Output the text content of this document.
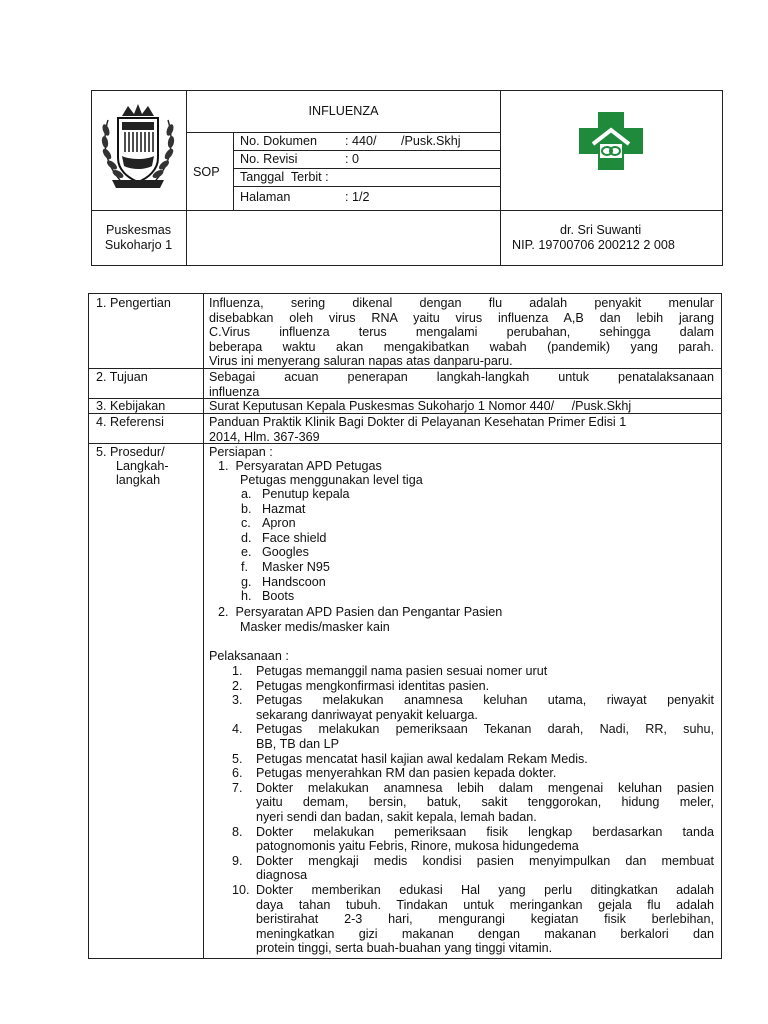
INFLUENZA
SOP
No. Dokumen : 440/       /Pusk.Skhj
No. Revisi	: 0
Tanggal  Terbit :
Halaman	: 1/2
Puskesmas
Sukoharjo 1
dr. Sri Suwanti
NIP. 19700706 200212 2 008
1. Pengertian	Influenza, sering dikenal dengan flu adalah penyakit menular
disebabkan oleh virus RNA yaitu virus influenza A,B dan lebih jarang
C.Virus influenza terus mengalami perubahan, sehingga dalam
beberapa waktu akan mengakibatkan wabah (pandemik) yang parah.
Virus ini menyerang saluran napas atas danparu-paru.
2. Tujuan	Sebagai acuan penerapan langkah-langkah untuk penatalaksanaan
influenza
3. Kebijakan	Surat Keputusan Kepala Puskesmas Sukoharjo 1 Nomor 440/     /Pusk.Skhj
4. Referensi	Panduan Praktik Klinik Bagi Dokter di Pelayanan Kesehatan Primer Edisi 1
2014, Hlm. 367-369
5. Prosedur/
Langkah-
langkah
Persiapan :
1.  Persyaratan APD Petugas
Petugas menggunakan level tiga
a. Penutup kepala
b. Hazmat
c. Apron
d. Face shield
e. Googles
f. Masker N95
g. Handscoon
h. Boots
2.  Persyaratan APD Pasien dan Pengantar Pasien
Masker medis/masker kain
Pelaksanaan :
1. Petugas memanggil nama pasien sesuai nomer urut
2. Petugas mengkonfirmasi identitas pasien.
3. Petugas melakukan anamnesa keluhan utama, riwayat penyakit
sekarang danriwayat penyakit keluarga.
4. Petugas melakukan pemeriksaan Tekanan darah, Nadi, RR, suhu,
BB, TB dan LP
5. Petugas mencatat hasil kajian awal kedalam Rekam Medis.
6. Petugas menyerahkan RM dan pasien kepada dokter.
7. Dokter melakukan anamnesa lebih dalam mengenai keluhan pasien
yaitu demam, bersin, batuk, sakit tenggorokan, hidung meler,
nyeri sendi dan badan, sakit kepala, lemah badan.
8. Dokter melakukan pemeriksaan fisik lengkap berdasarkan tanda
patognomonis yaitu Febris, Rinore, mukosa hidungedema
9. Dokter mengkaji medis kondisi pasien menyimpulkan dan membuat
diagnosa
10. Dokter memberikan edukasi Hal yang perlu ditingkatkan adalah
daya tahan tubuh. Tindakan untuk meringankan gejala flu adalah
beristirahat 2-3 hari, mengurangi kegiatan fisik berlebihan,
meningkatkan gizi makanan dengan makanan berkalori dan
protein tinggi, serta buah-buahan yang tinggi vitamin.
